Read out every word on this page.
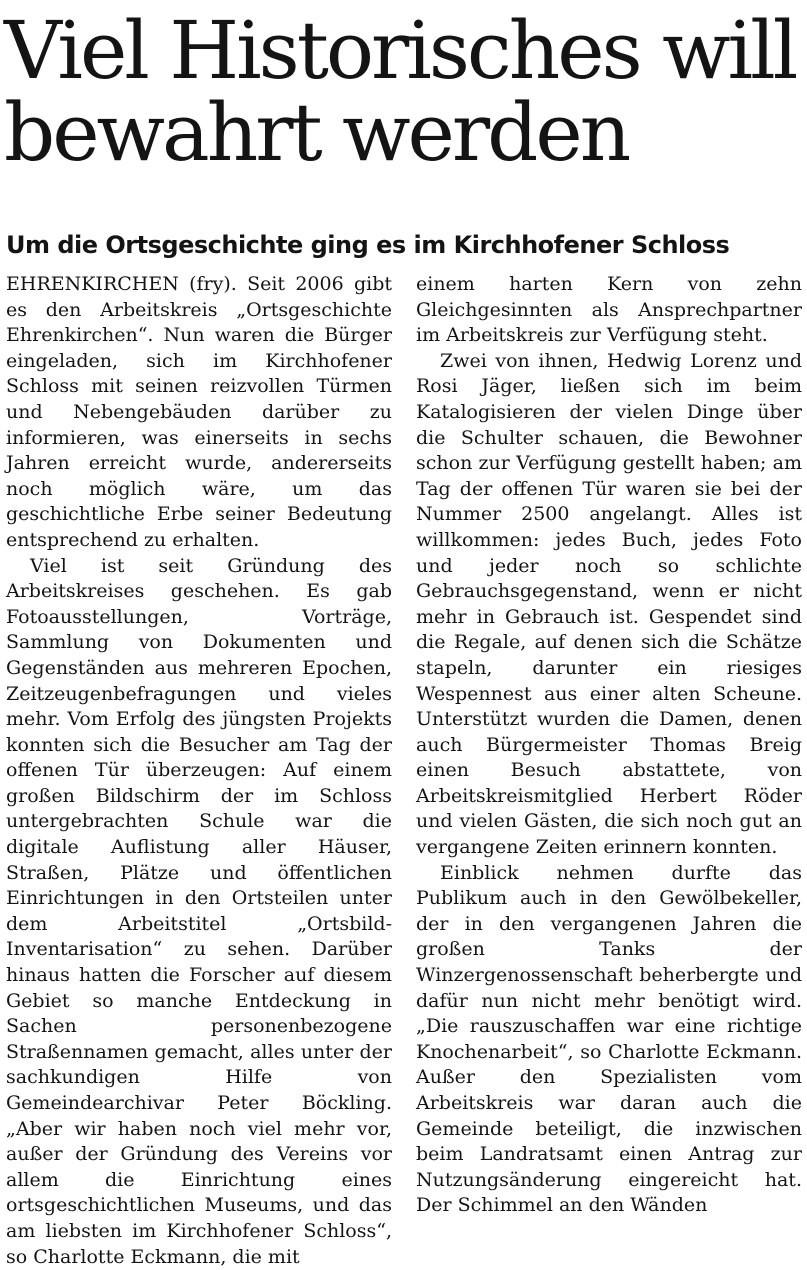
Viel Historisches will bewahrt werden
Um die Ortsgeschichte ging es im Kirchhofener Schloss

EHRENKIRCHEN (fry). Seit 2006 gibt es den Arbeitskreis „Ortsgeschichte Ehrenkirchen“. Nun waren die Bürger eingeladen, sich im Kirchhofener Schloss mit seinen reizvollen Türmen und Nebengebäuden darüber zu informieren, was einerseits in sechs Jahren erreicht wurde, andererseits noch möglich wäre, um das geschichtliche Erbe seiner Bedeutung entsprechend zu erhalten.

Viel ist seit Gründung des Arbeitskreises geschehen. Es gab Fotoausstellungen, Vorträge, Sammlung von Dokumenten und Gegenständen aus mehreren Epochen, Zeitzeugenbefragungen und vieles mehr. Vom Erfolg des jüngsten Projekts konnten sich die Besucher am Tag der offenen Tür überzeugen: Auf einem großen Bildschirm der im Schloss untergebrachten Schule war die digitale Auflistung aller Häuser, Straßen, Plätze und öffentlichen Einrichtungen in den Ortsteilen unter dem Arbeitstitel „Ortsbild-Inventarisation“ zu sehen. Darüber hinaus hatten die Forscher auf diesem Gebiet so manche Entdeckung in Sachen personenbezogene Straßennamen gemacht, alles unter der sachkundigen Hilfe von Gemeindearchivar Peter Böckling. „Aber wir haben noch viel mehr vor, außer der Gründung des Vereins vor allem die Einrichtung eines ortsgeschichtlichen Museums, und das am liebsten im Kirchhofener Schloss“, so Charlotte Eckmann, die mit

einem harten Kern von zehn Gleichgesinnten als Ansprechpartner im Arbeitskreis zur Verfügung steht.

Zwei von ihnen, Hedwig Lorenz und Rosi Jäger, ließen sich im beim Katalogisieren der vielen Dinge über die Schulter schauen, die Bewohner schon zur Verfügung gestellt haben; am Tag der offenen Tür waren sie bei der Nummer 2500 angelangt. Alles ist willkommen: jedes Buch, jedes Foto und jeder noch so schlichte Gebrauchsgegenstand, wenn er nicht mehr in Gebrauch ist. Gespendet sind die Regale, auf denen sich die Schätze stapeln, darunter ein riesiges Wespennest aus einer alten Scheune. Unterstützt wurden die Damen, denen auch Bürgermeister Thomas Breig einen Besuch abstattete, von Arbeitskreismitglied Herbert Röder und vielen Gästen, die sich noch gut an vergangene Zeiten erinnern konnten.

Einblick nehmen durfte das Publikum auch in den Gewölbekeller, der in den vergangenen Jahren die großen Tanks der Winzergenossenschaft beherbergte und dafür nun nicht mehr benötigt wird. „Die rauszuschaffen war eine richtige Knochenarbeit“, so Charlotte Eckmann. Außer den Spezialisten vom Arbeitskreis war daran auch die Gemeinde beteiligt, die inzwischen beim Landratsamt einen Antrag zur Nutzungsänderung eingereicht hat. Der Schimmel an den Wänden
